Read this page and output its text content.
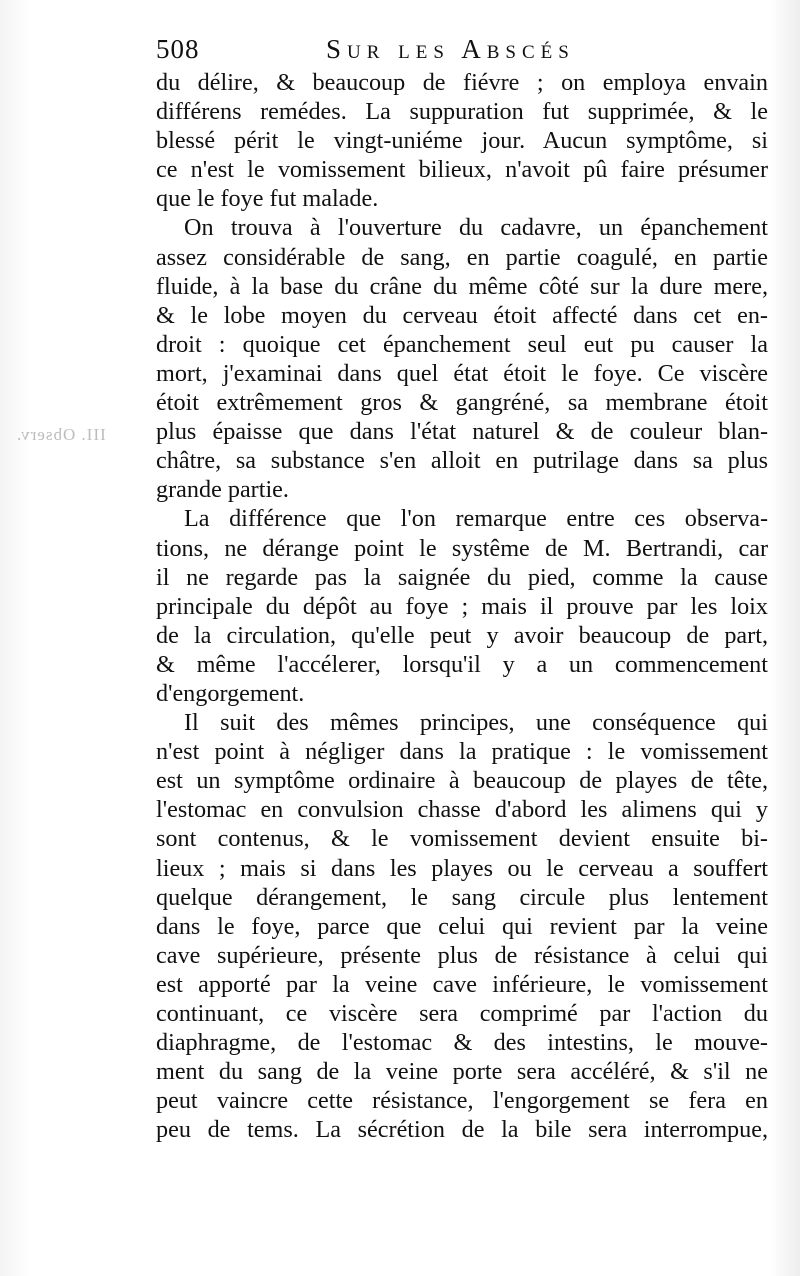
508	Sur les Abscés
III. Observ.
du délire, & beaucoup de fiévre ; on employa envain
différens remédes. La suppuration fut supprimée, & le
blessé périt le vingt-uniéme jour. Aucun symptôme, si
ce n'est le vomissement bilieux, n'avoit pû faire présumer
que le foye fut malade.
On trouva à l'ouverture du cadavre, un épanchement
assez considérable de sang, en partie coagulé, en partie
fluide, à la base du crâne du même côté sur la dure mere,
& le lobe moyen du cerveau étoit affecté dans cet en-
droit : quoique cet épanchement seul eut pu causer la
mort, j'examinai dans quel état étoit le foye. Ce viscère
étoit extrêmement gros & gangréné, sa membrane étoit
plus épaisse que dans l'état naturel & de couleur blan-
châtre, sa substance s'en alloit en putrilage dans sa plus
grande partie.
La différence que l'on remarque entre ces observa-
tions, ne dérange point le systême de M. Bertrandi, car
il ne regarde pas la saignée du pied, comme la cause
principale du dépôt au foye ; mais il prouve par les loix
de la circulation, qu'elle peut y avoir beaucoup de part,
& même l'accélerer, lorsqu'il y a un commencement
d'engorgement.
Il suit des mêmes principes, une conséquence qui
n'est point à négliger dans la pratique : le vomissement
est un symptôme ordinaire à beaucoup de playes de tête,
l'estomac en convulsion chasse d'abord les alimens qui y
sont contenus, & le vomissement devient ensuite bi-
lieux ; mais si dans les playes ou le cerveau a souffert
quelque dérangement, le sang circule plus lentement
dans le foye, parce que celui qui revient par la veine
cave supérieure, présente plus de résistance à celui qui
est apporté par la veine cave inférieure, le vomissement
continuant, ce viscère sera comprimé par l'action du
diaphragme, de l'estomac & des intestins, le mouve-
ment du sang de la veine porte sera accéléré, & s'il ne
peut vaincre cette résistance, l'engorgement se fera en
peu de tems. La sécrétion de la bile sera interrompue,
